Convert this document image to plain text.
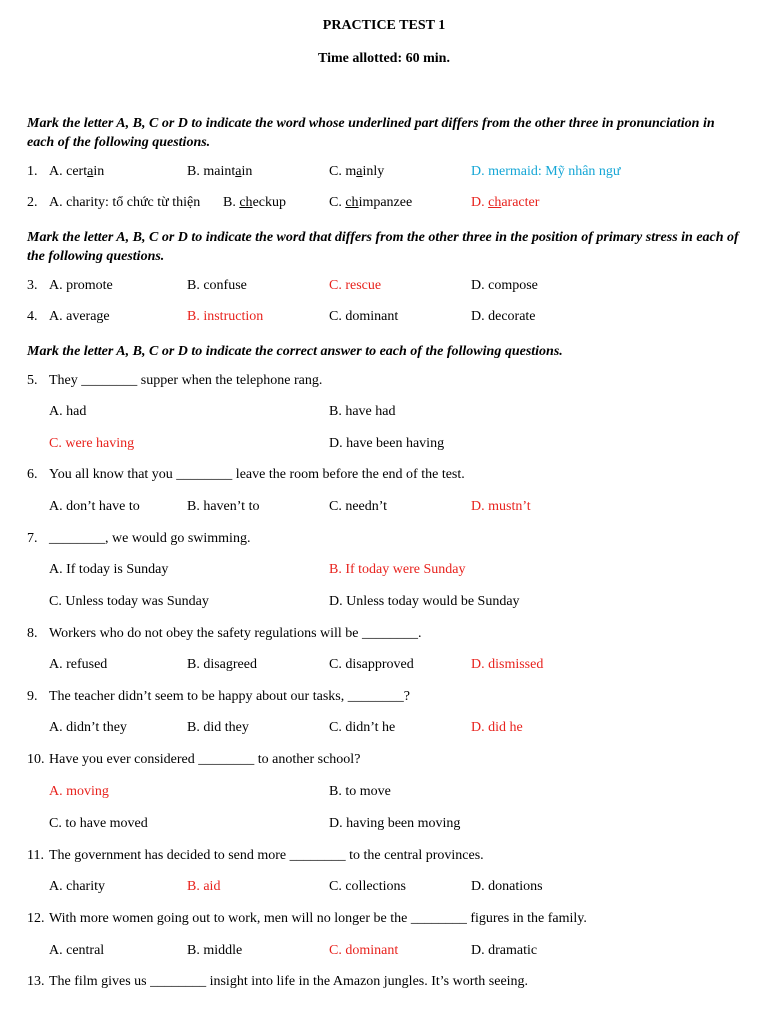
PRACTICE TEST 1
Time allotted: 60 min.
Mark the letter A, B, C or D to indicate the word whose underlined part differs from the other three in pronunciation in each of the following questions.
1. A. certain	B. maintain	C. mainly	D. mermaid: Mỹ nhân ngư
2. A. charity: tổ chức từ thiện B. checkup	C. chimpanzee	D. character
Mark the letter A, B, C or D to indicate the word that differs from the other three in the position of primary stress in each of the following questions.
3. A. promote	B. confuse	C. rescue	D. compose
4. A. average	B. instruction	C. dominant	D. decorate
Mark the letter A, B, C or D to indicate the correct answer to each of the following questions.
5. They ________ supper when the telephone rang.
A. had	B. have had
C. were having	D. have been having
6. You all know that you ________ leave the room before the end of the test.
A. don’t have to	B. haven’t to	C. needn’t	D. mustn’t
7. ________, we would go swimming.
A. If today is Sunday	B. If today were Sunday
C. Unless today was Sunday	D. Unless today would be Sunday
8. Workers who do not obey the safety regulations will be ________.
A. refused	B. disagreed	C. disapproved	D. dismissed
9. The teacher didn’t seem to be happy about our tasks, ________?
A. didn’t they	B. did they	C. didn’t he	D. did he
10. Have you ever considered ________ to another school?
A. moving	B. to move
C. to have moved	D. having been moving
11. The government has decided to send more ________ to the central provinces.
A. charity	B. aid	C. collections	D. donations
12. With more women going out to work, men will no longer be the ________ figures in the family.
A. central	B. middle	C. dominant	D. dramatic
13. The film gives us ________ insight into life in the Amazon jungles. It’s worth seeing.
